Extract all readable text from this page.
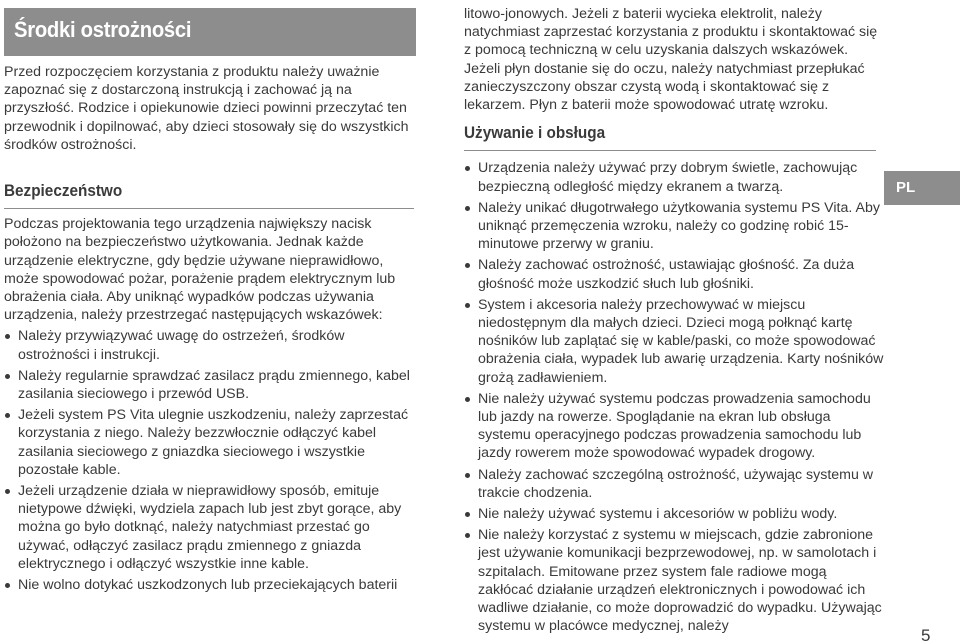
Środki ostrożności

Przed rozpoczęciem korzystania z produktu należy uważnie zapoznać się z dostarczoną instrukcją i zachować ją na przyszłość. Rodzice i opiekunowie dzieci powinni przeczytać ten przewodnik i dopilnować, aby dzieci stosowały się do wszystkich środków ostrożności.

Bezpieczeństwo

Podczas projektowania tego urządzenia największy nacisk położono na bezpieczeństwo użytkowania. Jednak każde urządzenie elektryczne, gdy będzie używane nieprawidłowo, może spowodować pożar, porażenie prądem elektrycznym lub obrażenia ciała. Aby uniknąć wypadków podczas używania urządzenia, należy przestrzegać następujących wskazówek:

Należy przywiązywać uwagę do ostrzeżeń, środków ostrożności i instrukcji.
Należy regularnie sprawdzać zasilacz prądu zmiennego, kabel zasilania sieciowego i przewód USB.
Jeżeli system PS Vita ulegnie uszkodzeniu, należy zaprzestać korzystania z niego. Należy bezzwłocznie odłączyć kabel zasilania sieciowego z gniazdka sieciowego i wszystkie pozostałe kable.
Jeżeli urządzenie działa w nieprawidłowy sposób, emituje nietypowe dźwięki, wydziela zapach lub jest zbyt gorące, aby można go było dotknąć, należy natychmiast przestać go używać, odłączyć zasilacz prądu zmiennego z gniazda elektrycznego i odłączyć wszystkie inne kable.
Nie wolno dotykać uszkodzonych lub przeciekających baterii

litowo-jonowych. Jeżeli z baterii wycieka elektrolit, należy natychmiast zaprzestać korzystania z produktu i skontaktować się z pomocą techniczną w celu uzyskania dalszych wskazówek. Jeżeli płyn dostanie się do oczu, należy natychmiast przepłukać zanieczyszczony obszar czystą wodą i skontaktować się z lekarzem. Płyn z baterii może spowodować utratę wzroku.

Używanie i obsługa
Urządzenia należy używać przy dobrym świetle, zachowując bezpieczną odległość między ekranem a twarzą.
Należy unikać długotrwałego użytkowania systemu PS Vita. Aby uniknąć przemęczenia wzroku, należy co godzinę robić 15-minutowe przerwy w graniu.
Należy zachować ostrożność, ustawiając głośność. Za duża głośność może uszkodzić słuch lub głośniki.
System i akcesoria należy przechowywać w miejscu niedostępnym dla małych dzieci. Dzieci mogą połknąć kartę nośników lub zaplątać się w kable/paski, co może spowodować obrażenia ciała, wypadek lub awarię urządzenia. Karty nośników grożą zadławieniem.
Nie należy używać systemu podczas prowadzenia samochodu lub jazdy na rowerze. Spoglądanie na ekran lub obsługa systemu operacyjnego podczas prowadzenia samochodu lub jazdy rowerem może spowodować wypadek drogowy.
Należy zachować szczególną ostrożność, używając systemu w trakcie chodzenia.
Nie należy używać systemu i akcesoriów w pobliżu wody.
Nie należy korzystać z systemu w miejscach, gdzie zabronione jest używanie komunikacji bezprzewodowej, np. w samolotach i szpitalach. Emitowane przez system fale radiowe mogą zakłócać działanie urządzeń elektronicznych i powodować ich wadliwe działanie, co może doprowadzić do wypadku. Używając systemu w placówce medycznej, należy
PL
5
